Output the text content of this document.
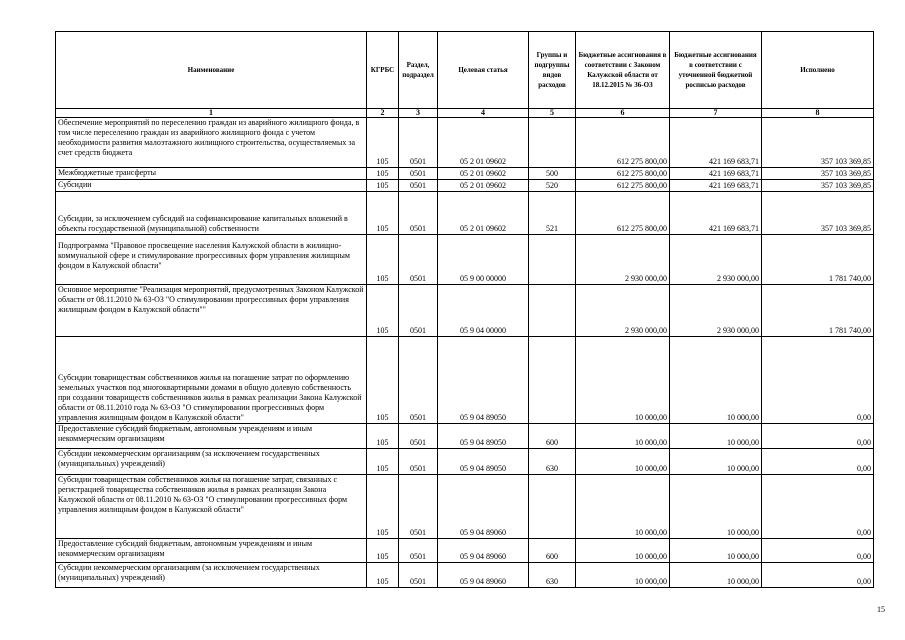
Наименование	КГРБС	Раздел, подраздел	Целевая статья	Группы и подгруппы видов расходов	Бюджетные ассигнования в соответствии с Законом Калужской области от 18.12.2015 № 36-ОЗ	Бюджетные ассигнования в соответствии с уточненной бюджетной росписью расходов	Исполнено
1	2	3	4	5	6	7	8
Обеспечение мероприятий по переселению граждан из аварийного жилищного фонда, в том числе переселению граждан из аварийного жилищного фонда с учетом необходимости развития малоэтажного жилищного строительства, осуществляемых за счет средств бюджета	105	0501	05 2 01 09602		612 275 800,00	421 169 683,71	357 103 369,85
Межбюджетные трансферты	105	0501	05 2 01 09602	500	612 275 800,00	421 169 683,71	357 103 369,85
Субсидии	105	0501	05 2 01 09602	520	612 275 800,00	421 169 683,71	357 103 369,85
Субсидии, за исключением субсидий на софинансирование капитальных вложений в объекты государственной (муниципальной) собственности	105	0501	05 2 01 09602	521	612 275 800,00	421 169 683,71	357 103 369,85
Подпрограмма "Правовое просвещение населения Калужской области в жилищно-коммунальной сфере и стимулирование прогрессивных форм управления жилищным фондом в Калужской области"	105	0501	05 9 00 00000		2 930 000,00	2 930 000,00	1 781 740,00
Основное мероприятие "Реализация мероприятий, предусмотренных Законом Калужской области от 08.11.2010 № 63-ОЗ "О стимулировании прогрессивных форм управления жилищным фондом в Калужской области""	105	0501	05 9 04 00000		2 930 000,00	2 930 000,00	1 781 740,00
Субсидии товариществам собственников жилья на погашение затрат по оформлению земельных участков под многоквартирными домами в общую долевую собственность при создании товариществ собственников жилья в рамках реализации Закона Калужской области от 08.11.2010 года № 63-ОЗ "О стимулировании прогрессивных форм управления жилищным фондом в Калужской области"	105	0501	05 9 04 89050		10 000,00	10 000,00	0,00
Предоставление субсидий бюджетным, автономным учреждениям и иным некоммерческим организациям	105	0501	05 9 04 89050	600	10 000,00	10 000,00	0,00
Субсидии некоммерческим организациям (за исключением государственных (муниципальных) учреждений)	105	0501	05 9 04 89050	630	10 000,00	10 000,00	0,00
Субсидии товариществам собственников жилья на погашение затрат, связанных с регистрацией товарищества собственников жилья в рамках реализации Закона Калужской области от 08.11.2010 № 63-ОЗ "О стимулировании прогрессивных форм управления жилищным фондом в Калужской области"	105	0501	05 9 04 89060		10 000,00	10 000,00	0,00
Предоставление субсидий бюджетным, автономным учреждениям и иным некоммерческим организациям	105	0501	05 9 04 89060	600	10 000,00	10 000,00	0,00
Субсидии некоммерческим организациям (за исключением государственных (муниципальных) учреждений)	105	0501	05 9 04 89060	630	10 000,00	10 000,00	0,00
15
